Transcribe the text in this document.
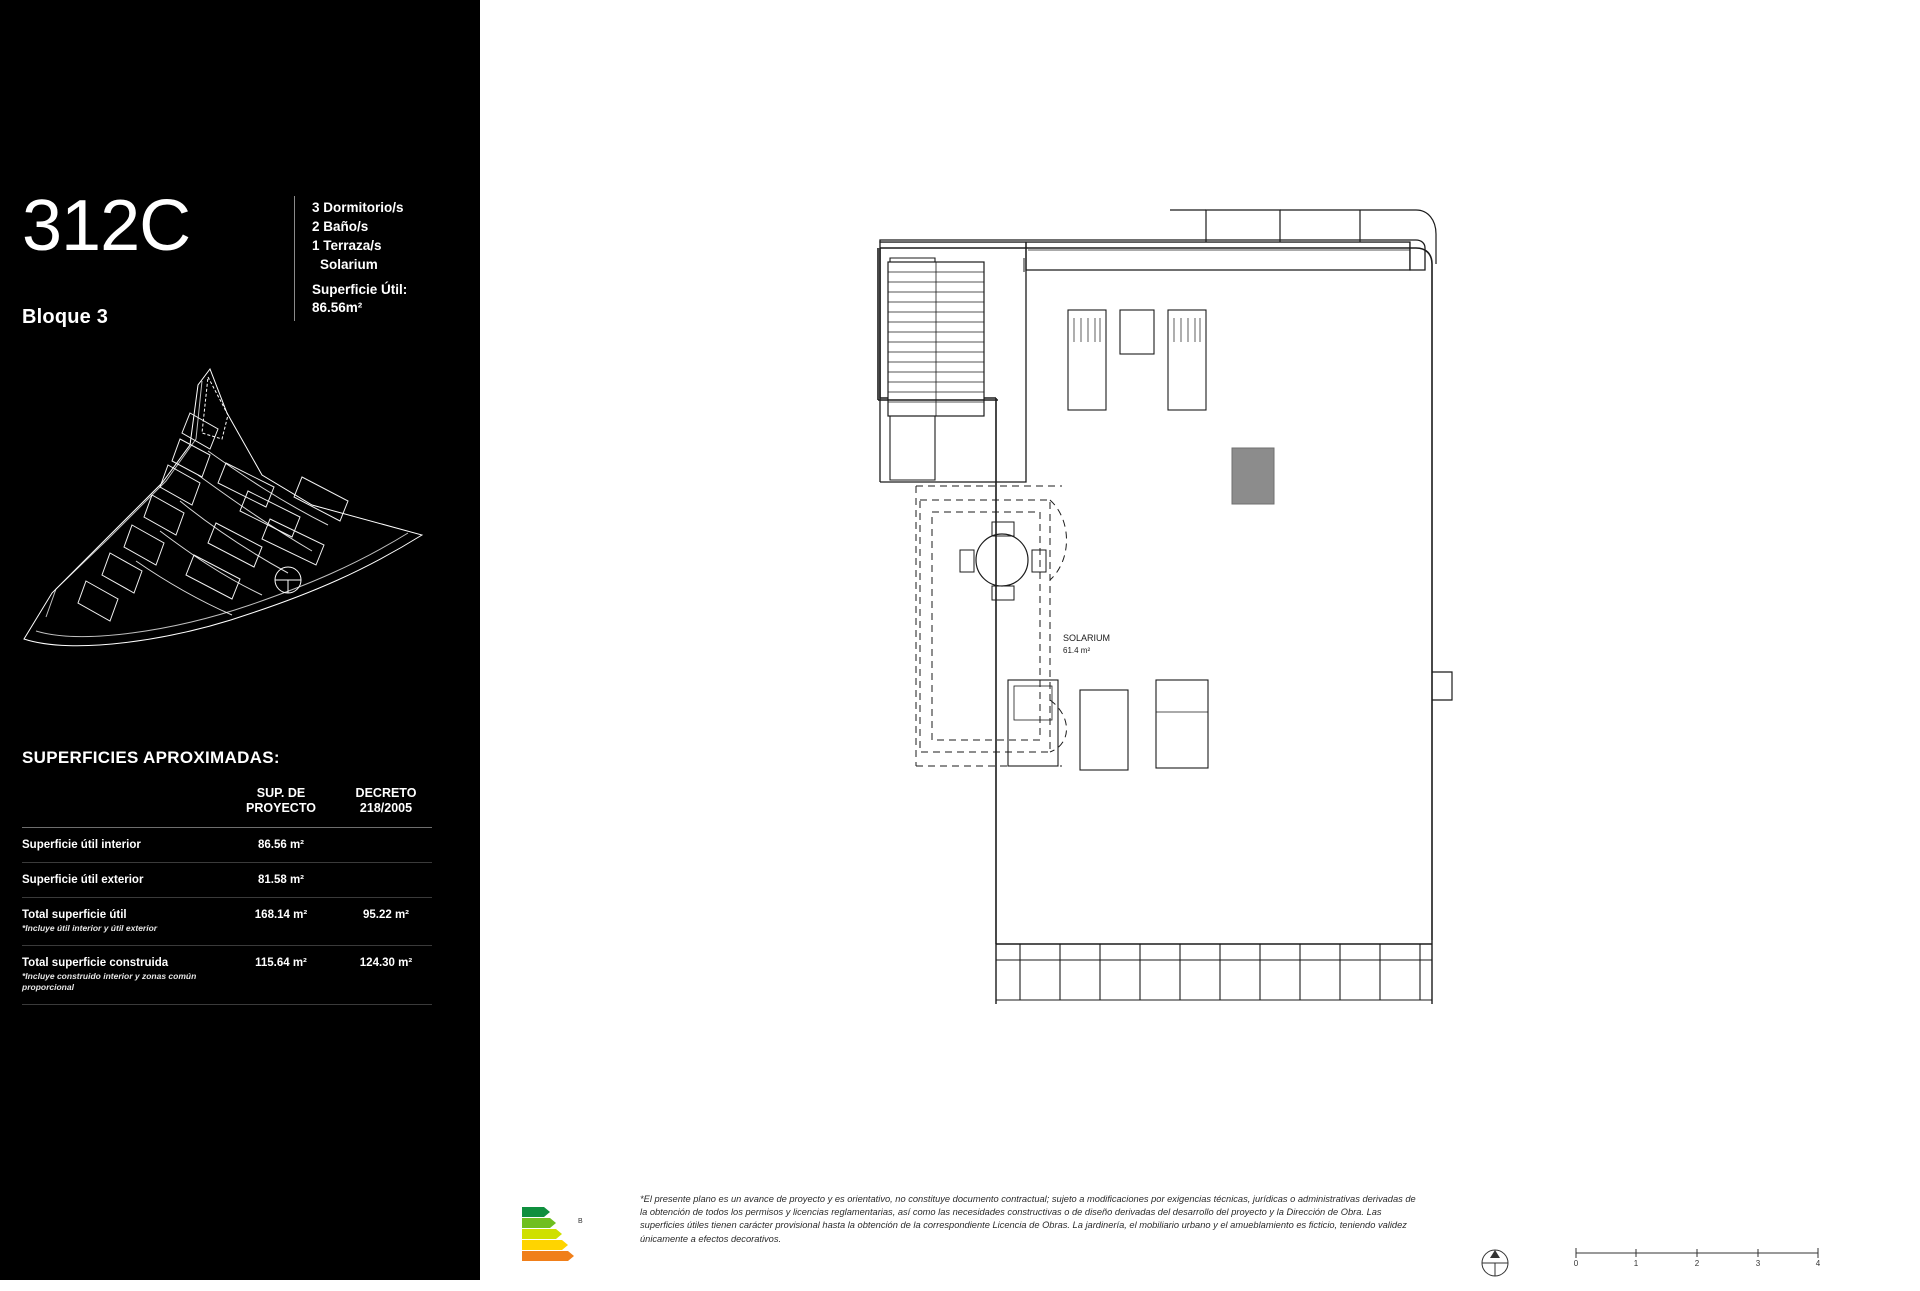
312C
Bloque 3
3 Dormitorio/s
2 Baño/s
1 Terraza/s
Solarium
Superficie Útil:
86.56m²
SUPERFICIES APROXIMADAS:

SUP. DE
PROYECTO

DECRETO
218/2005

Superficie útil interior	86.56 m²	
Superficie útil exterior	81.58 m²	
Total superficie útil
*Incluye útil interior y útil exterior	168.14 m²	95.22 m²
Total superficie construida
*Incluye construido interior y zonas común proporcional	115.64 m²	124.30 m²
SOLARIUM
61.4 m²
B
*El presente plano es un avance de proyecto y es orientativo, no constituye documento contractual; sujeto a modificaciones por exigencias técnicas, jurídicas o administrativas derivadas de la obtención de todos los permisos y licencias reglamentarias, así como las necesidades constructivas o de diseño derivadas del desarrollo del proyecto y la Dirección de Obra. Las superficies útiles tienen carácter provisional hasta la obtención de la correspondiente Licencia de Obras. La jardinería, el mobiliario urbano y el amueblamiento es ficticio, teniendo validez únicamente a efectos decorativos.
0	1	2	3	4
